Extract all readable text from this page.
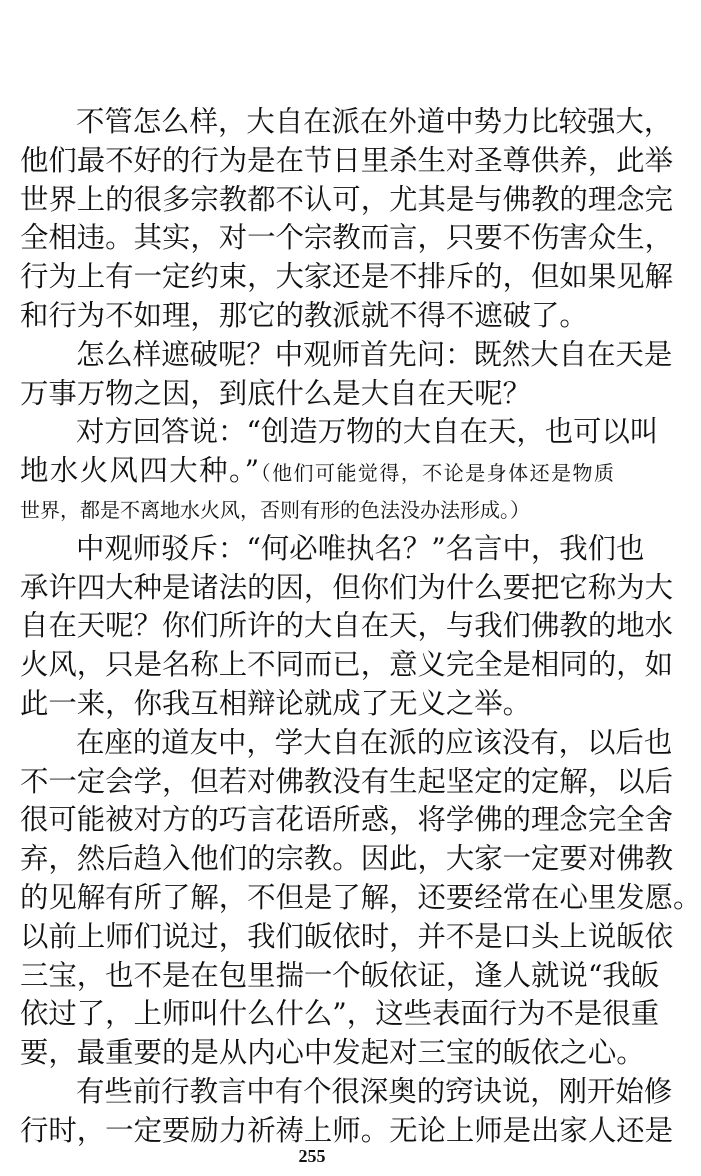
不管怎么样，大自在派在外道中势力比较强大，
他们最不好的行为是在节日里杀生对圣尊供养，此举
世界上的很多宗教都不认可，尤其是与佛教的理念完
全相违。其实，对一个宗教而言，只要不伤害众生，
行为上有一定约束，大家还是不排斥的，但如果见解
和行为不如理，那它的教派就不得不遮破了。
怎么样遮破呢？中观师首先问：既然大自在天是
万事万物之因，到底什么是大自在天呢？
对方回答说：“创造万物的大自在天，也可以叫
地水火风四大种。”（他们可能觉得，不论是身体还是物质
世界，都是不离地水火风，否则有形的色法没办法形成。）
中观师驳斥：“何必唯执名？”名言中，我们也
承许四大种是诸法的因，但你们为什么要把它称为大
自在天呢？你们所许的大自在天，与我们佛教的地水
火风，只是名称上不同而已，意义完全是相同的，如
此一来，你我互相辩论就成了无义之举。
在座的道友中，学大自在派的应该没有，以后也
不一定会学，但若对佛教没有生起坚定的定解，以后
很可能被对方的巧言花语所惑，将学佛的理念完全舍
弃，然后趋入他们的宗教。因此，大家一定要对佛教
的见解有所了解，不但是了解，还要经常在心里发愿。
以前上师们说过，我们皈依时，并不是口头上说皈依
三宝，也不是在包里揣一个皈依证，逢人就说“我皈
依过了，上师叫什么什么”，这些表面行为不是很重
要，最重要的是从内心中发起对三宝的皈依之心。
有些前行教言中有个很深奥的窍诀说，刚开始修
行时，一定要励力祈祷上师。无论上师是出家人还是
255
